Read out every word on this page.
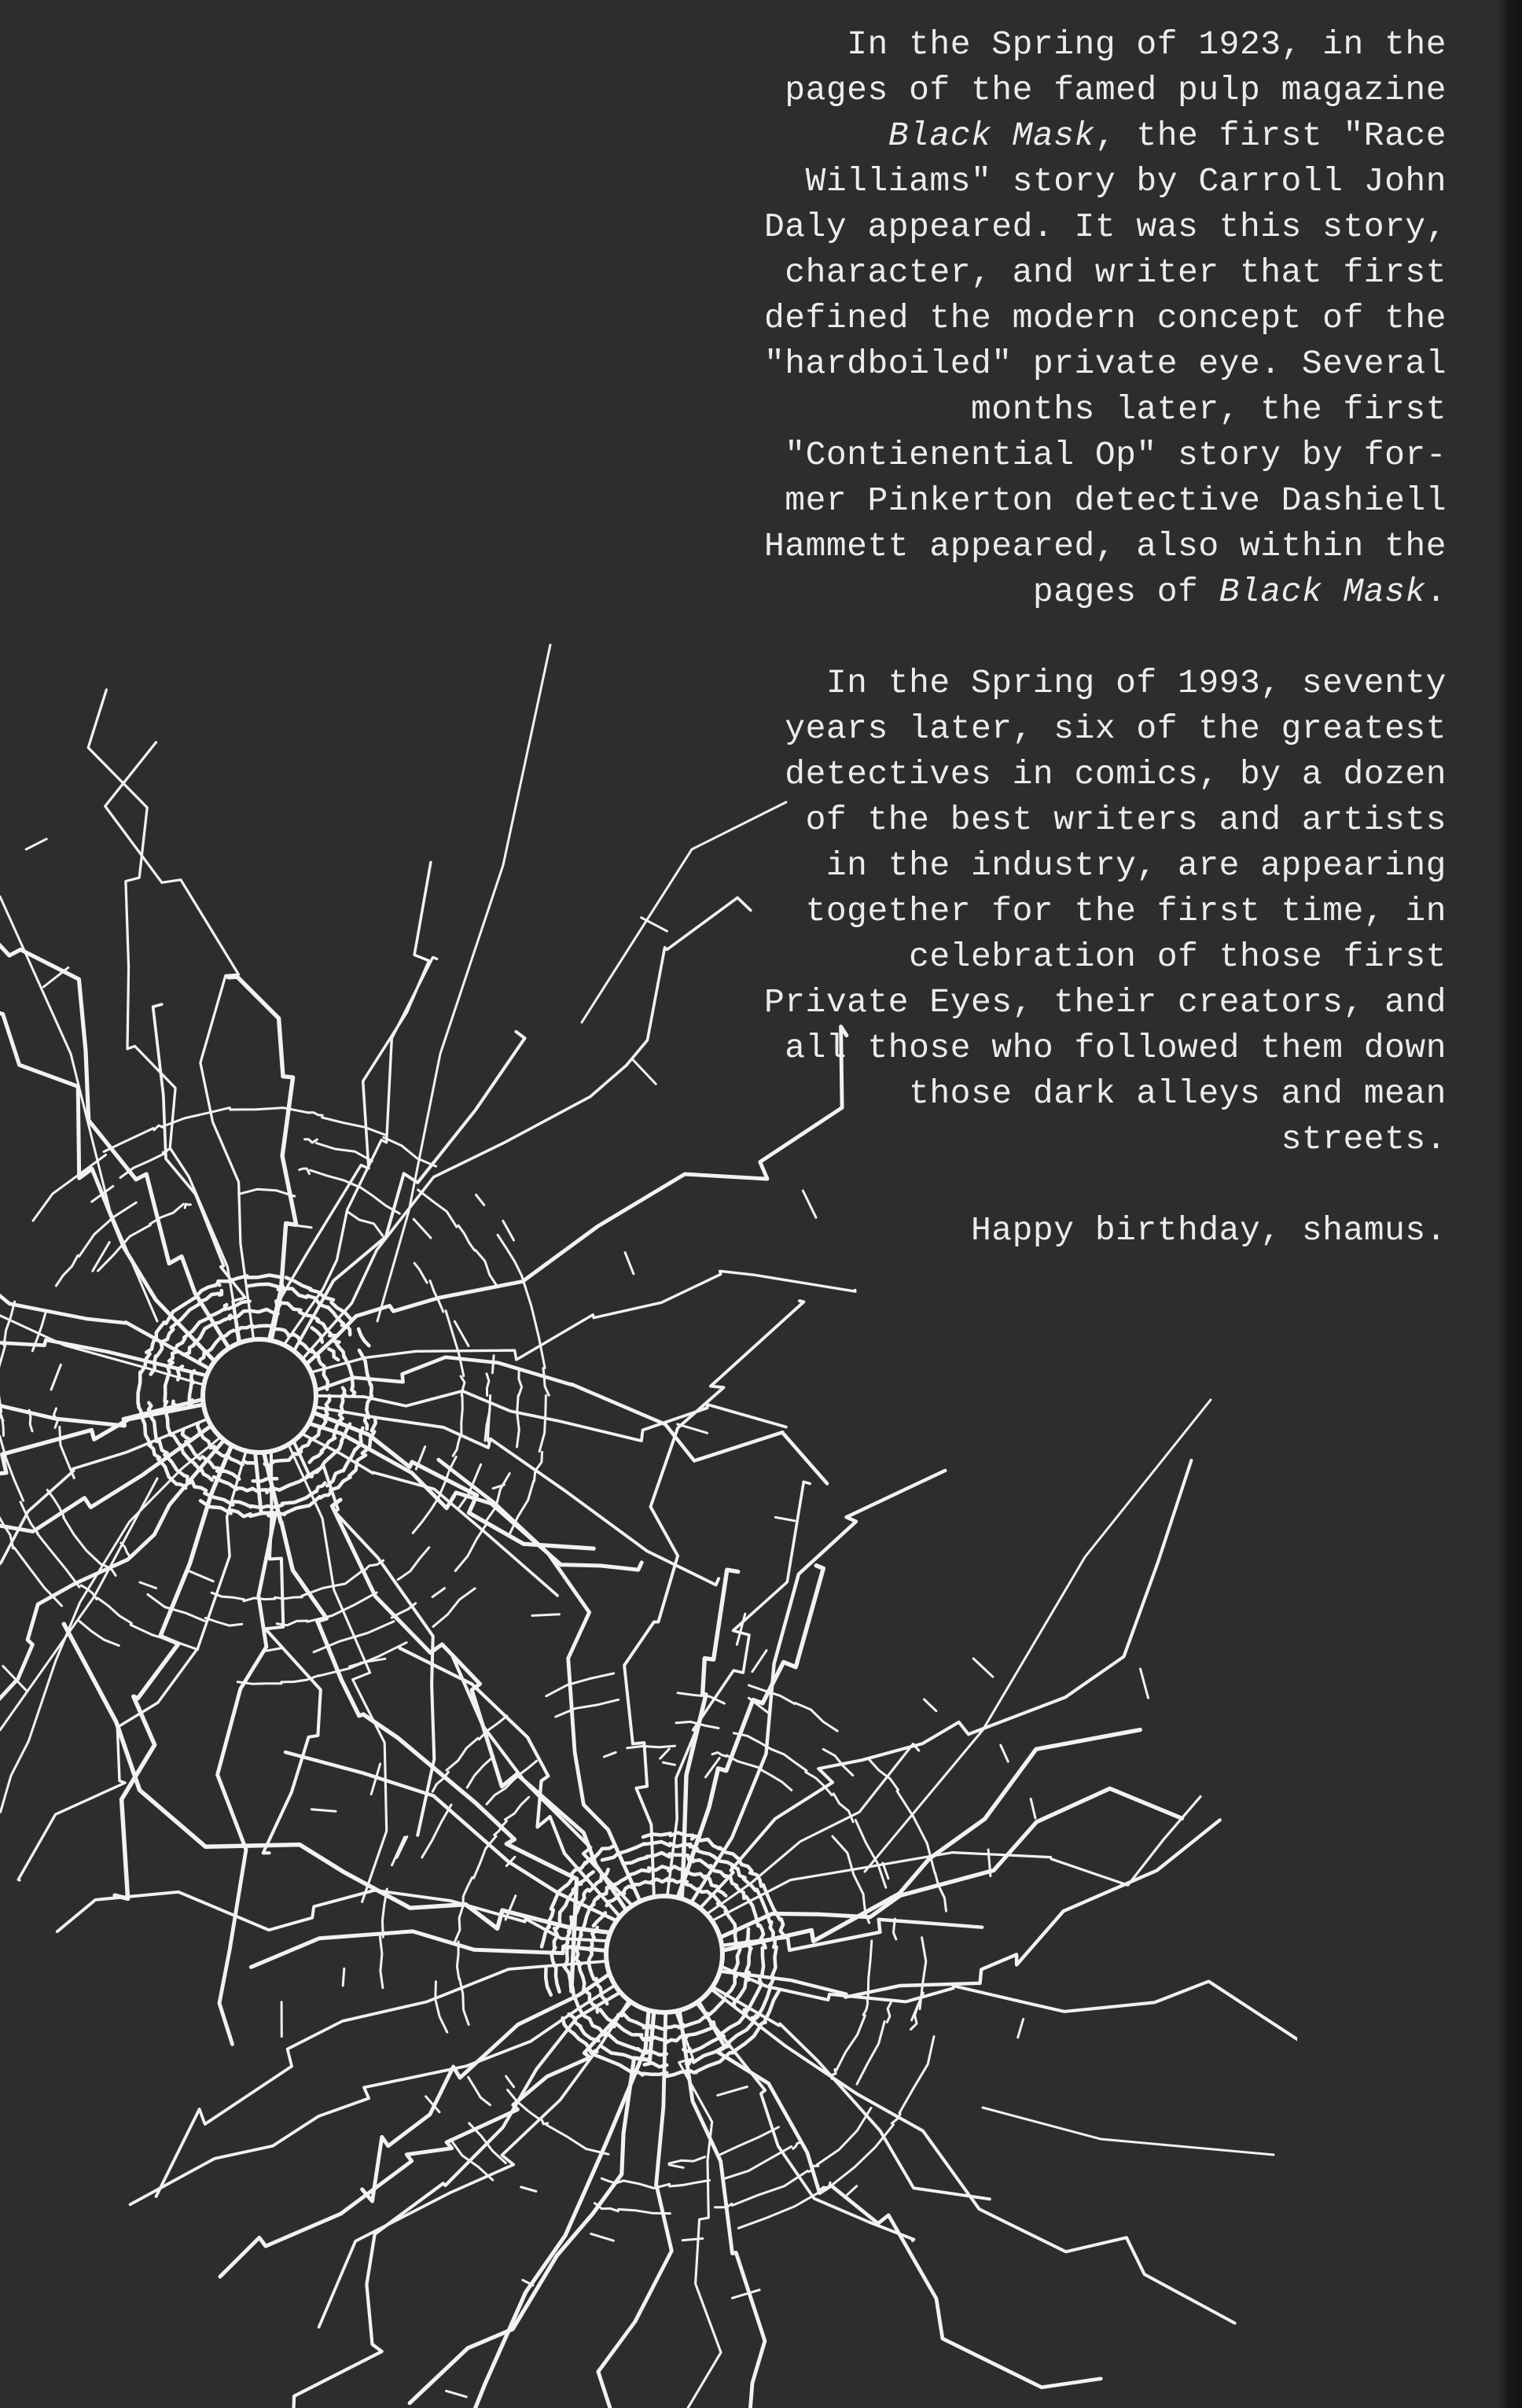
In the Spring of 1923, in the
pages of the famed pulp magazine
Black Mask, the first "Race
Williams" story by Carroll John
Daly appeared. It was this story,
character, and writer that first
defined the modern concept of the
"hardboiled" private eye. Several
months later, the first
"Contienential Op" story by for-
mer Pinkerton detective Dashiell
Hammett appeared, also within the
pages of Black Mask.

In the Spring of 1993, seventy
years later, six of the greatest
detectives in comics, by a dozen
of the best writers and artists
in the industry, are appearing
together for the first time, in
celebration of those first
Private Eyes, their creators, and
all those who followed them down
those dark alleys and mean
streets.

Happy birthday, shamus.
